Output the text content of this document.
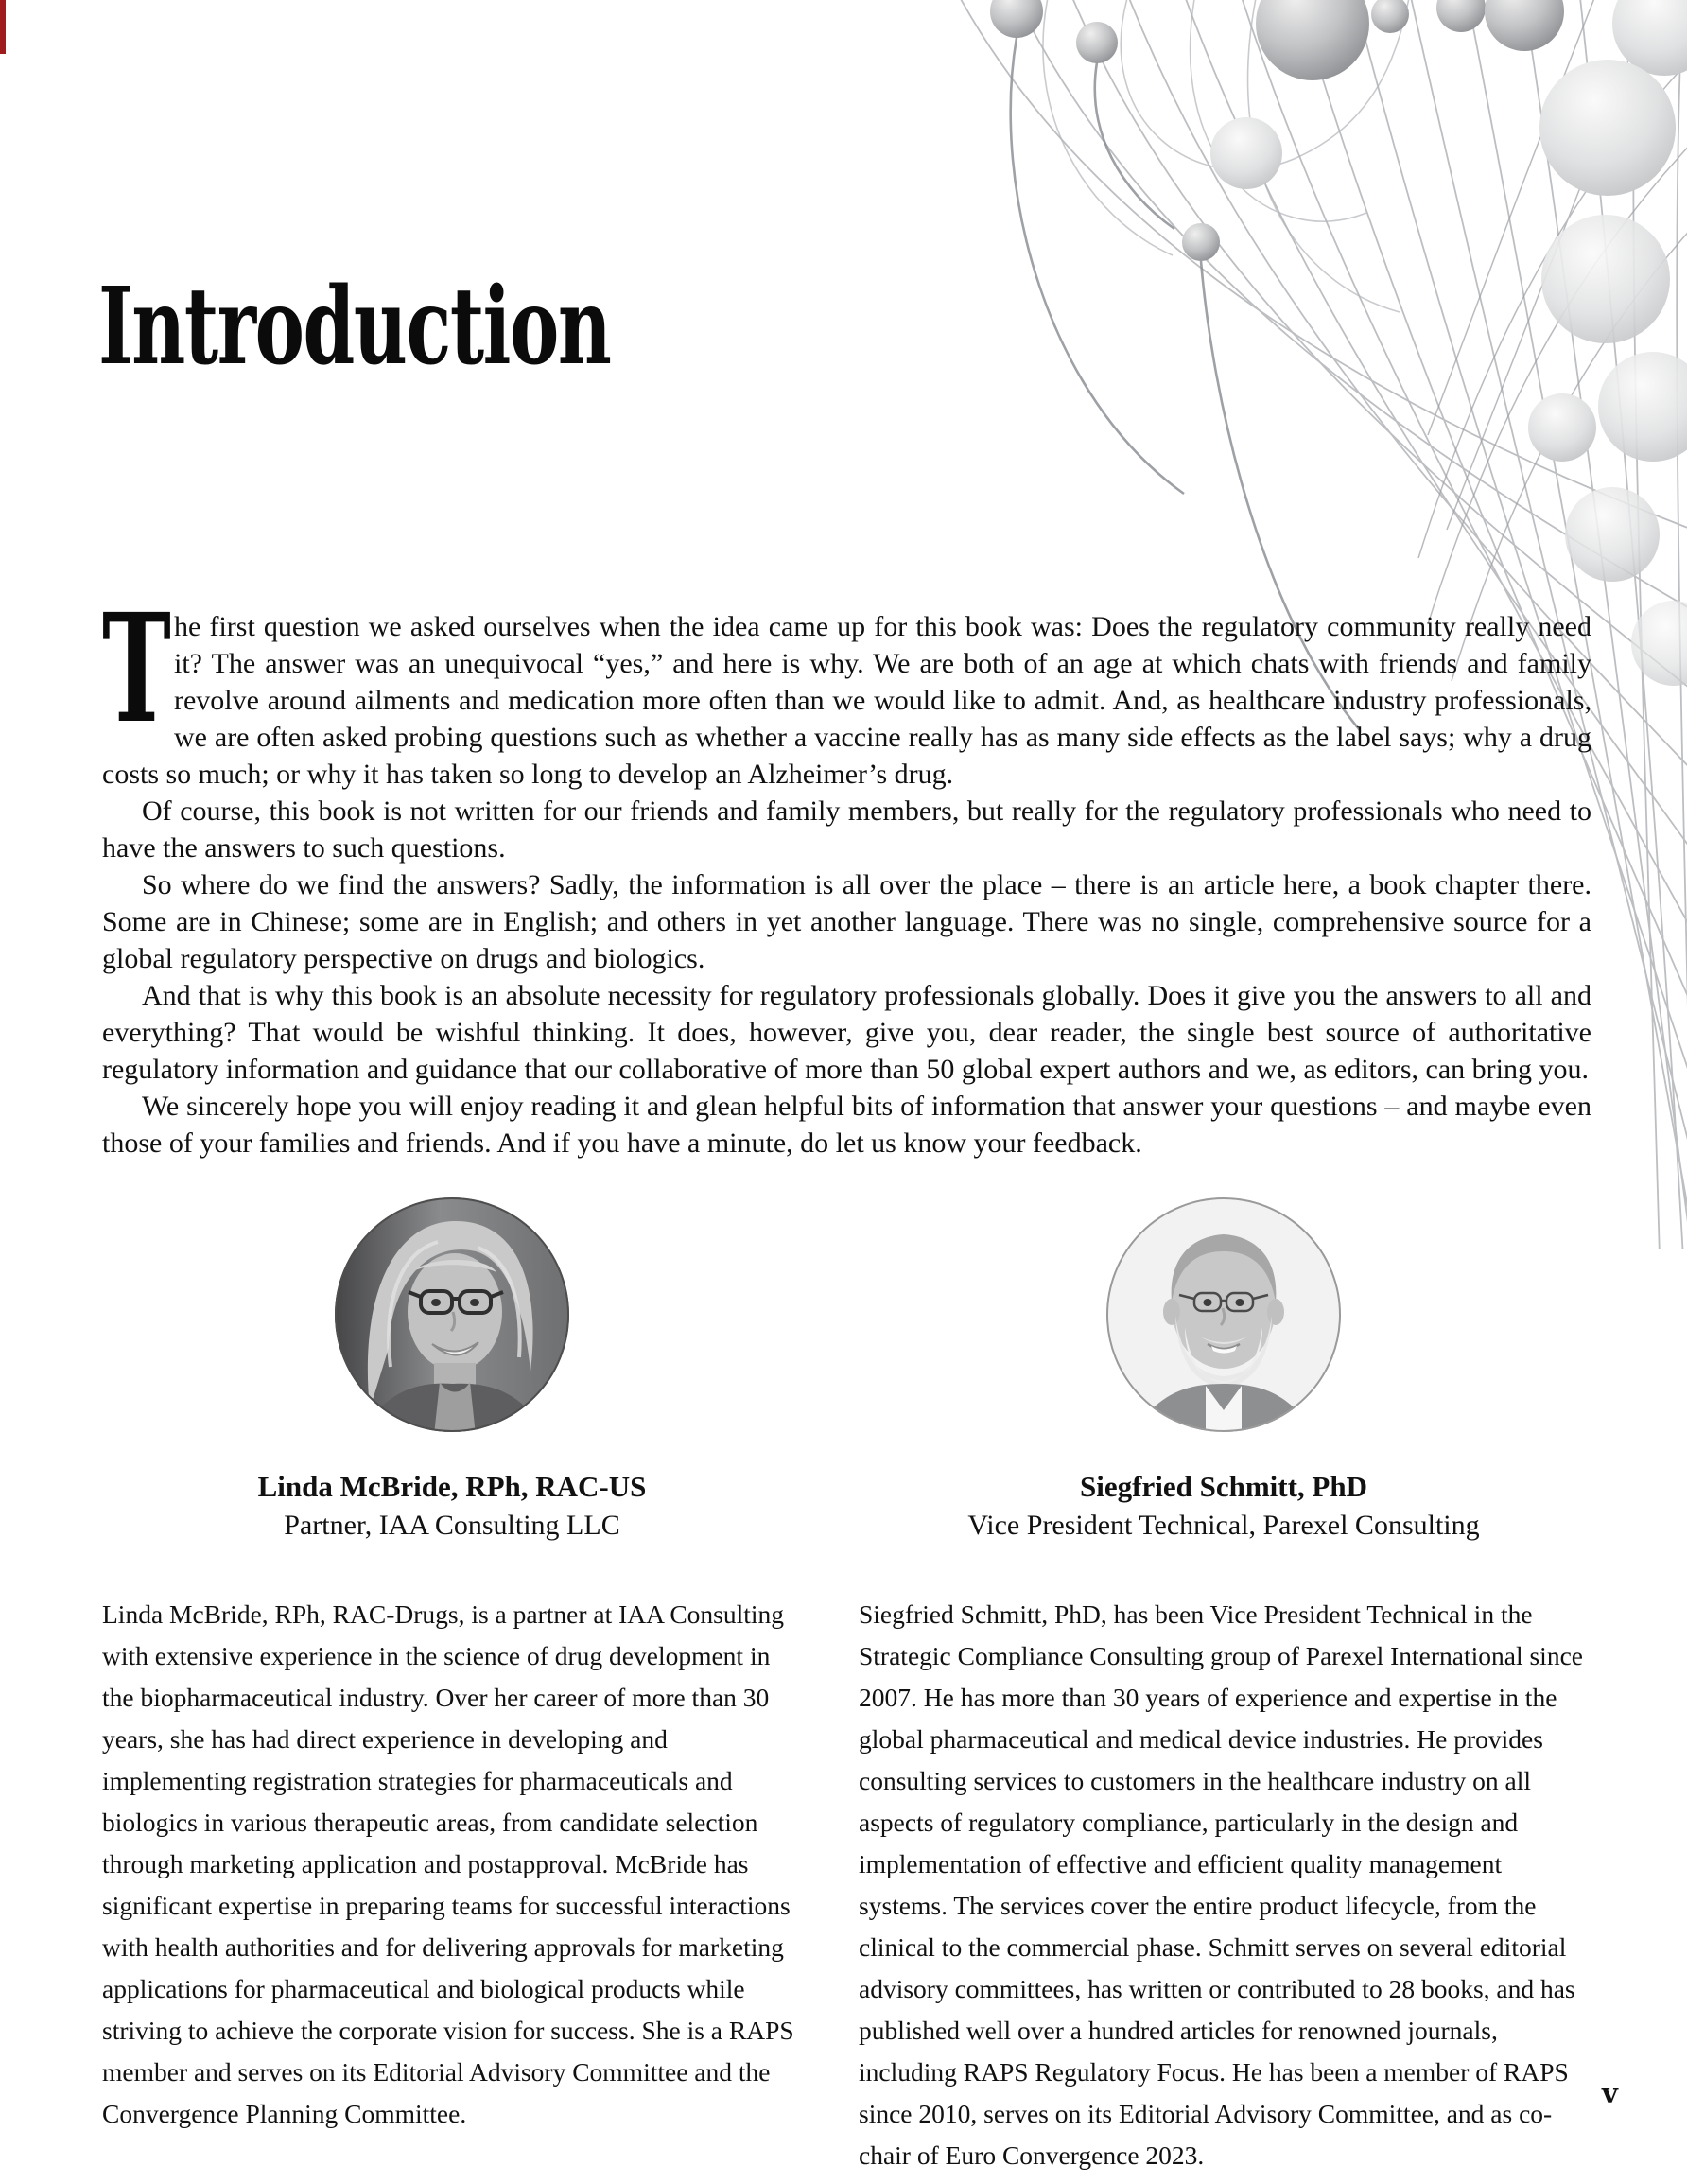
Introduction

T he first question we asked ourselves when the idea came up for this book was: Does the regulatory community really need it? The answer was an unequivocal “yes,” and here is why. We are both of an age at which chats with friends and family revolve around ailments and medication more often than we would like to admit. And, as healthcare industry professionals, we are often asked probing questions such as whether a vaccine really has as many side effects as the label says; why a drug costs so much; or why it has taken so long to develop an Alzheimer’s drug.

Of course, this book is not written for our friends and family members, but really for the regulatory professionals who need to have the answers to such questions.

So where do we find the answers? Sadly, the information is all over the place – there is an article here, a book chapter there. Some are in Chinese; some are in English; and others in yet another language. There was no single, comprehensive source for a global regulatory perspective on drugs and biologics.

And that is why this book is an absolute necessity for regulatory professionals globally. Does it give you the answers to all and everything? That would be wishful thinking. It does, however, give you, dear reader, the single best source of authoritative regulatory information and guidance that our collaborative of more than 50 global expert authors and we, as editors, can bring you.

We sincerely hope you will enjoy reading it and glean helpful bits of information that answer your questions – and maybe even those of your families and friends. And if you have a minute, do let us know your feedback.

Linda McBride, RPh, RAC-US
Partner, IAA Consulting LLC
Linda McBride, RPh, RAC-Drugs, is a partner at IAA Consulting with extensive experience in the science of drug development in the biopharmaceutical industry. Over her career of more than 30 years, she has had direct experience in developing and implementing registration strategies for pharmaceuticals and biologics in various therapeutic areas, from candidate selection through marketing application and postapproval. McBride has significant expertise in preparing teams for successful interactions with health authorities and for delivering approvals for marketing applications for pharmaceutical and biological products while striving to achieve the corporate vision for success. She is a RAPS member and serves on its Editorial Advisory Committee and the Convergence Planning Committee.
Siegfried Schmitt, PhD
Vice President Technical, Parexel Consulting
Siegfried Schmitt, PhD, has been Vice President Technical in the Strategic Compliance Consulting group of Parexel International since 2007. He has more than 30 years of experience and expertise in the global pharmaceutical and medical device industries. He provides consulting services to customers in the healthcare industry on all aspects of regulatory compliance, particularly in the design and implementation of effective and efficient quality management systems. The services cover the entire product lifecycle, from the clinical to the commercial phase. Schmitt serves on several editorial advisory committees, has written or contributed to 28 books, and has published well over a hundred articles for renowned journals, including RAPS Regulatory Focus. He has been a member of RAPS since 2010, serves on its Editorial Advisory Committee, and as co-chair of Euro Convergence 2023.
v
